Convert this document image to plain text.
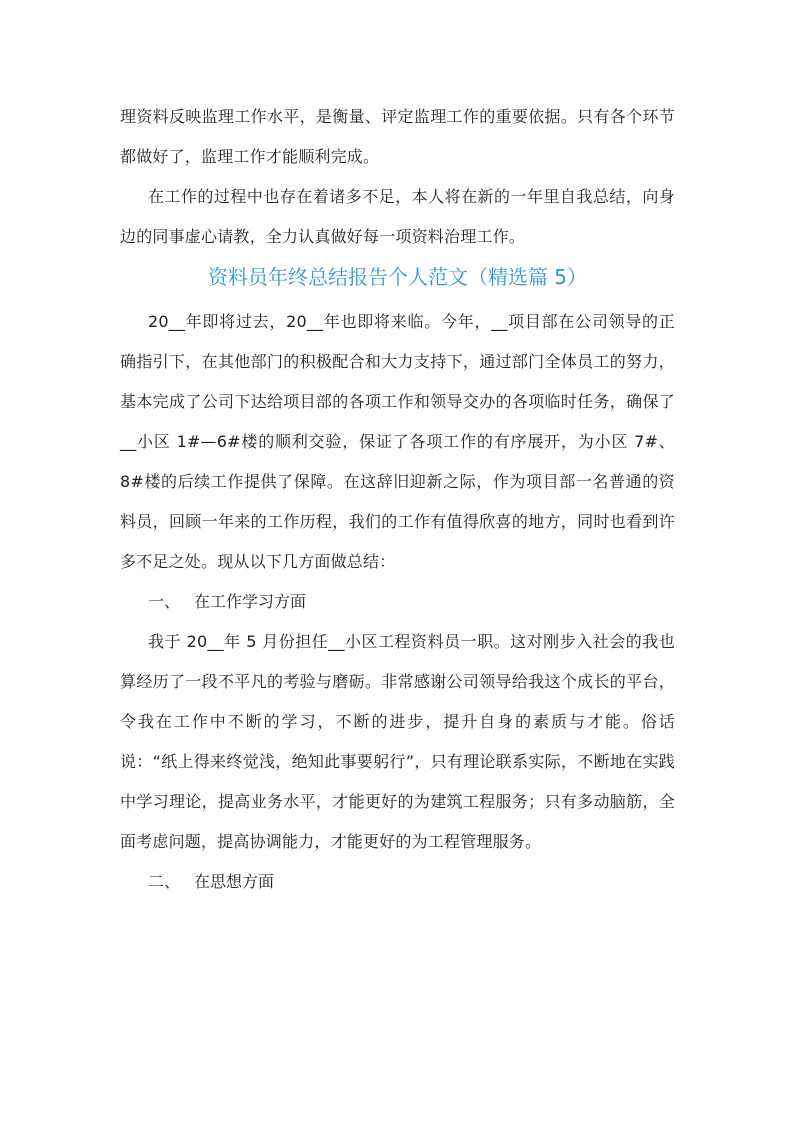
理资料反映监理工作水平，是衡量、评定监理工作的重要依据。只有各个环节都做好了，监理工作才能顺利完成。

在工作的过程中也存在着诸多不足，本人将在新的一年里自我总结，向身边的同事虚心请教，全力认真做好每一项资料治理工作。

资料员年终总结报告个人范文（精选篇 5）

20__年即将过去，20__年也即将来临。今年，__项目部在公司领导的正确指引下，在其他部门的积极配合和大力支持下，通过部门全体员工的努力，基本完成了公司下达给项目部的各项工作和领导交办的各项临时任务，确保了__小区 1#—6#楼的顺利交验，保证了各项工作的有序展开，为小区 7#、8#楼的后续工作提供了保障。在这辞旧迎新之际，作为项目部一名普通的资料员，回顾一年来的工作历程，我们的工作有值得欣喜的地方，同时也看到许多不足之处。现从以下几方面做总结：

一、 在工作学习方面

我于 20__年 5 月份担任__小区工程资料员一职。这对刚步入社会的我也算经历了一段不平凡的考验与磨砺。非常感谢公司领导给我这个成长的平台，令我在工作中不断的学习，不断的进步，提升自身的素质与才能。俗话说：“纸上得来终觉浅，绝知此事要躬行”，只有理论联系实际，不断地在实践中学习理论，提高业务水平，才能更好的为建筑工程服务；只有多动脑筋，全面考虑问题，提高协调能力，才能更好的为工程管理服务。

二、 在思想方面
